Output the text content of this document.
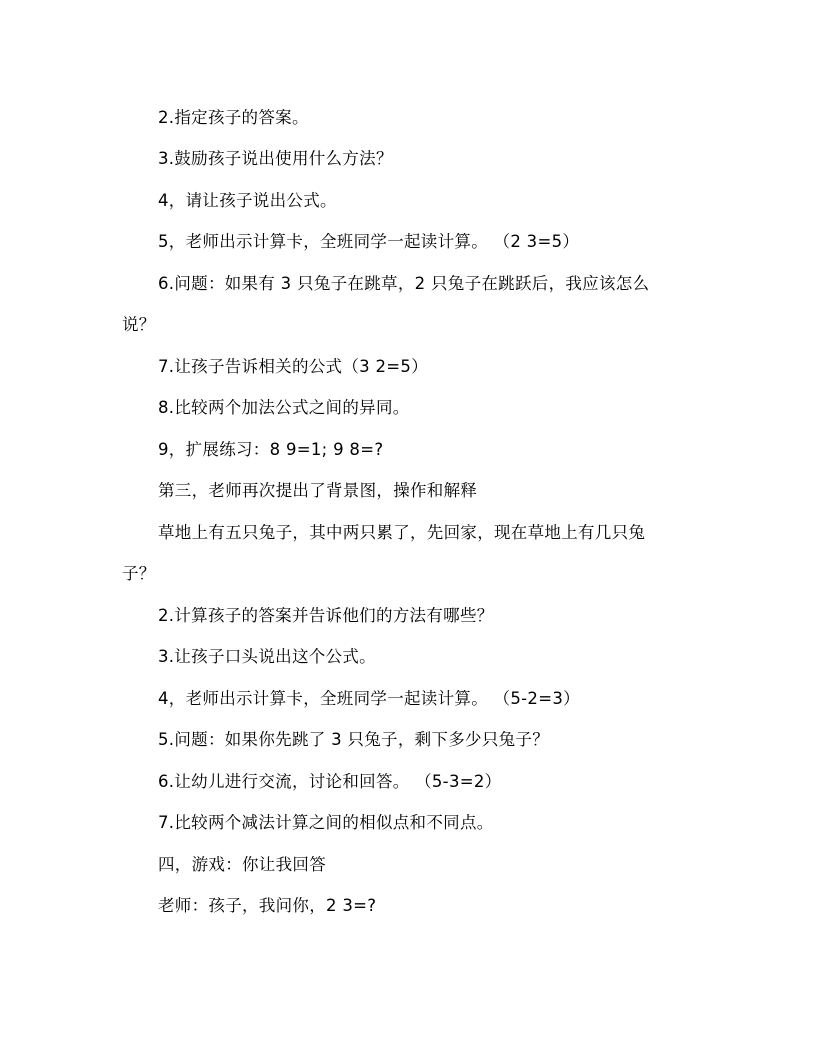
2.指定孩子的答案。
3.鼓励孩子说出使用什么方法？
4，请让孩子说出公式。
5，老师出示计算卡，全班同学一起读计算。 （2 3=5）
6.问题：如果有 3 只兔子在跳草，2 只兔子在跳跃后，我应该怎么
说？
7.让孩子告诉相关的公式（3 2=5）
8.比较两个加法公式之间的异同。
9，扩展练习：8 9=1; 9 8=?
第三，老师再次提出了背景图，操作和解释
草地上有五只兔子，其中两只累了，先回家，现在草地上有几只兔
子？
2.计算孩子的答案并告诉他们的方法有哪些？
3.让孩子口头说出这个公式。
4，老师出示计算卡，全班同学一起读计算。 （5-2=3）
5.问题：如果你先跳了 3 只兔子，剩下多少只兔子？
6.让幼儿进行交流，讨论和回答。 （5-3=2）
7.比较两个减法计算之间的相似点和不同点。
四，游戏：你让我回答
老师：孩子，我问你，2 3=?
